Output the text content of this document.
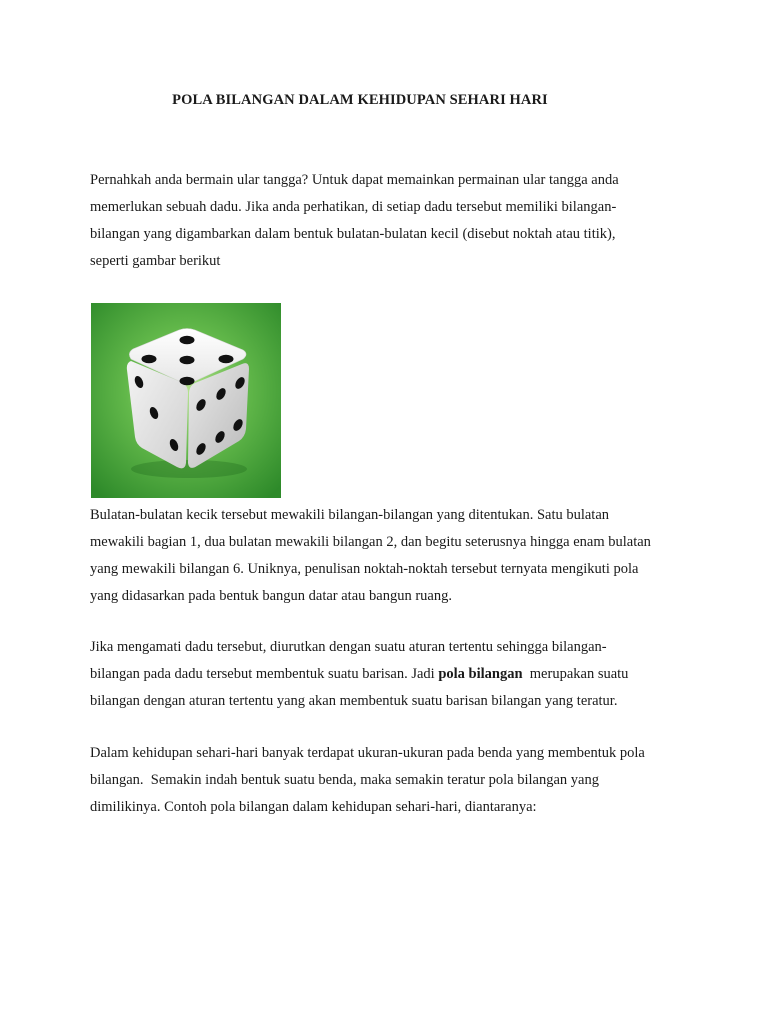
POLA BILANGAN DALAM KEHIDUPAN SEHARI HARI
Pernahkah anda bermain ular tangga? Untuk dapat memainkan permainan ular tangga anda
memerlukan sebuah dadu. Jika anda perhatikan, di setiap dadu tersebut memiliki bilangan-
bilangan yang digambarkan dalam bentuk bulatan-bulatan kecil (disebut noktah atau titik),
seperti gambar berikut
Bulatan-bulatan kecik tersebut mewakili bilangan-bilangan yang ditentukan. Satu bulatan
mewakili bagian 1, dua bulatan mewakili bilangan 2, dan begitu seterusnya hingga enam bulatan
yang mewakili bilangan 6. Uniknya, penulisan noktah-noktah tersebut ternyata mengikuti pola
yang didasarkan pada bentuk bangun datar atau bangun ruang.
Jika mengamati dadu tersebut, diurutkan dengan suatu aturan tertentu sehingga bilangan-
bilangan pada dadu tersebut membentuk suatu barisan. Jadi pola bilangan  merupakan suatu
bilangan dengan aturan tertentu yang akan membentuk suatu barisan bilangan yang teratur.
Dalam kehidupan sehari-hari banyak terdapat ukuran-ukuran pada benda yang membentuk pola
bilangan.  Semakin indah bentuk suatu benda, maka semakin teratur pola bilangan yang
dimilikinya. Contoh pola bilangan dalam kehidupan sehari-hari, diantaranya:
